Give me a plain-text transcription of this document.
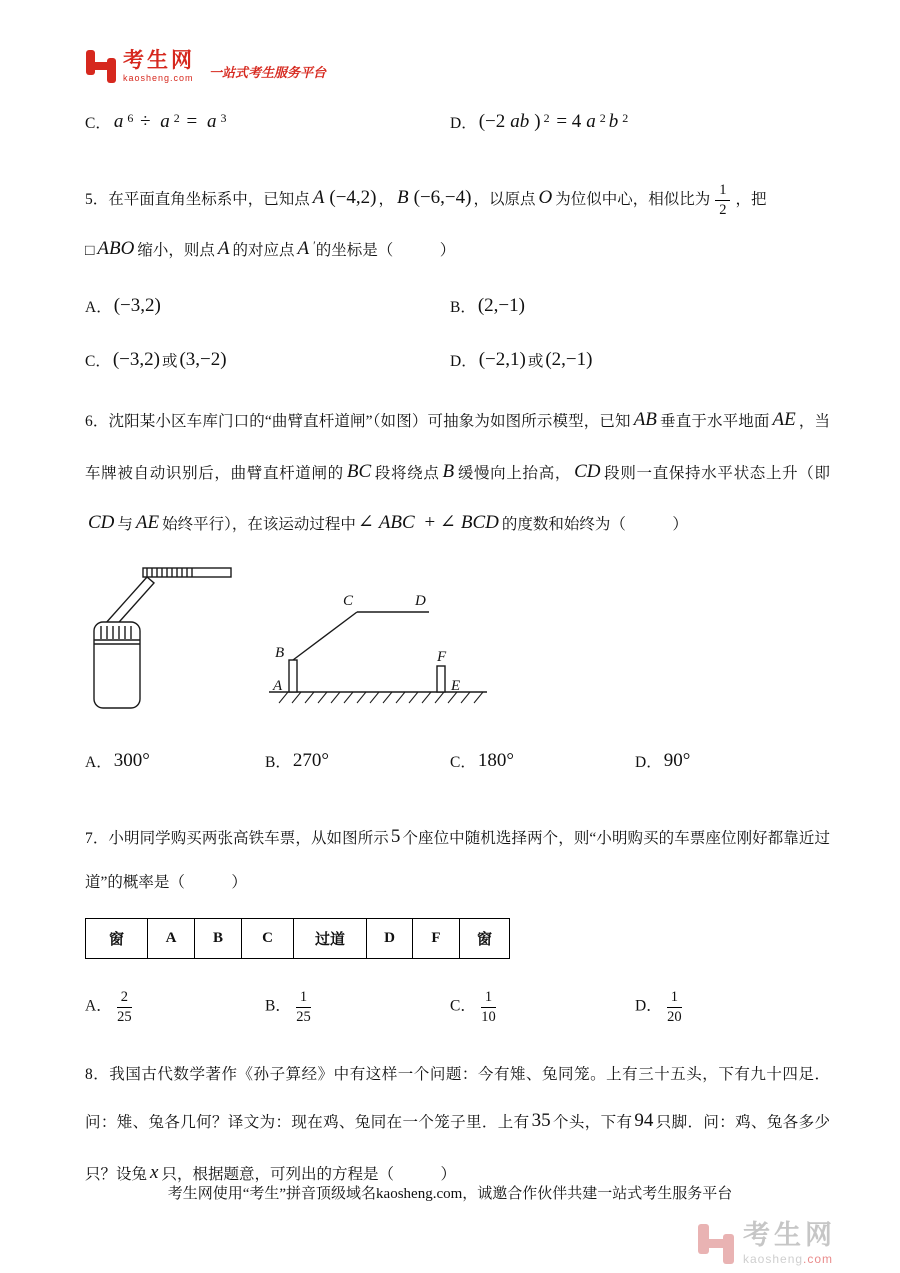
考生网
kaosheng.com 一站式考生服务平台
C． a $^6$ ÷ a $^2$ = a $^3$	D． (−2 ab ) $^2$ = 4 a $^2$ b $^2$

5．在平面直角坐标系中，已知点 A (−4,2) ， B (−6,−4) ，以原点 O 为位似中心，相似比为 $\frac{1}{2}$ ，把
□ ABO 缩小，则点 A 的对应点 A ′的坐标是（　　　）

A． (−3,2)	B． (2,−1)
C． (−3,2) 或 (3,−2)	D． (−2,1) 或 (2,−1)

6．沈阳某小区车库门口的“曲臂直杆道闸”（如图）可抽象为如图所示模型，已知 AB 垂直于水平地面 AE ，当车牌被自动识别后，曲臂直杆道闸的 BC 段将绕点 B 缓慢向上抬高， CD 段则一直保持水平状态上升（即CD 与 AE 始终平行），在该运动过程中 ∠ ABC + ∠ BCD 的度数和始终为（　　　）

C	D
B
A
F
E
A． 300°	B． 270°	C． 180°	D． 90°

7．小明同学购买两张高铁车票，从如图所示 5 个座位中随机选择两个，则“小明购买的车票座位刚好都靠近过道”的概率是（　　　）

窗	A	B	C	过道	D	F	窗
A． $\frac{2}{25}$	B． $\frac{1}{25}$	C． $\frac{1}{10}$	D． $\frac{1}{20}$

8．我国古代数学著作《孙子算经》中有这样一个问题：今有雉、兔同笼。上有三十五头，下有九十四足．问：雉、兔各几何？译文为：现在鸡、兔同在一个笼子里．上有 35 个头，下有 94 只脚．问：鸡、兔各多少只？设兔 x 只，根据题意，可列出的方程是（　　　）

考生网使用“考生”拼音顶级域名kaosheng.com，诚邀合作伙伴共建一站式考生服务平台
考生网
kaosheng.com
